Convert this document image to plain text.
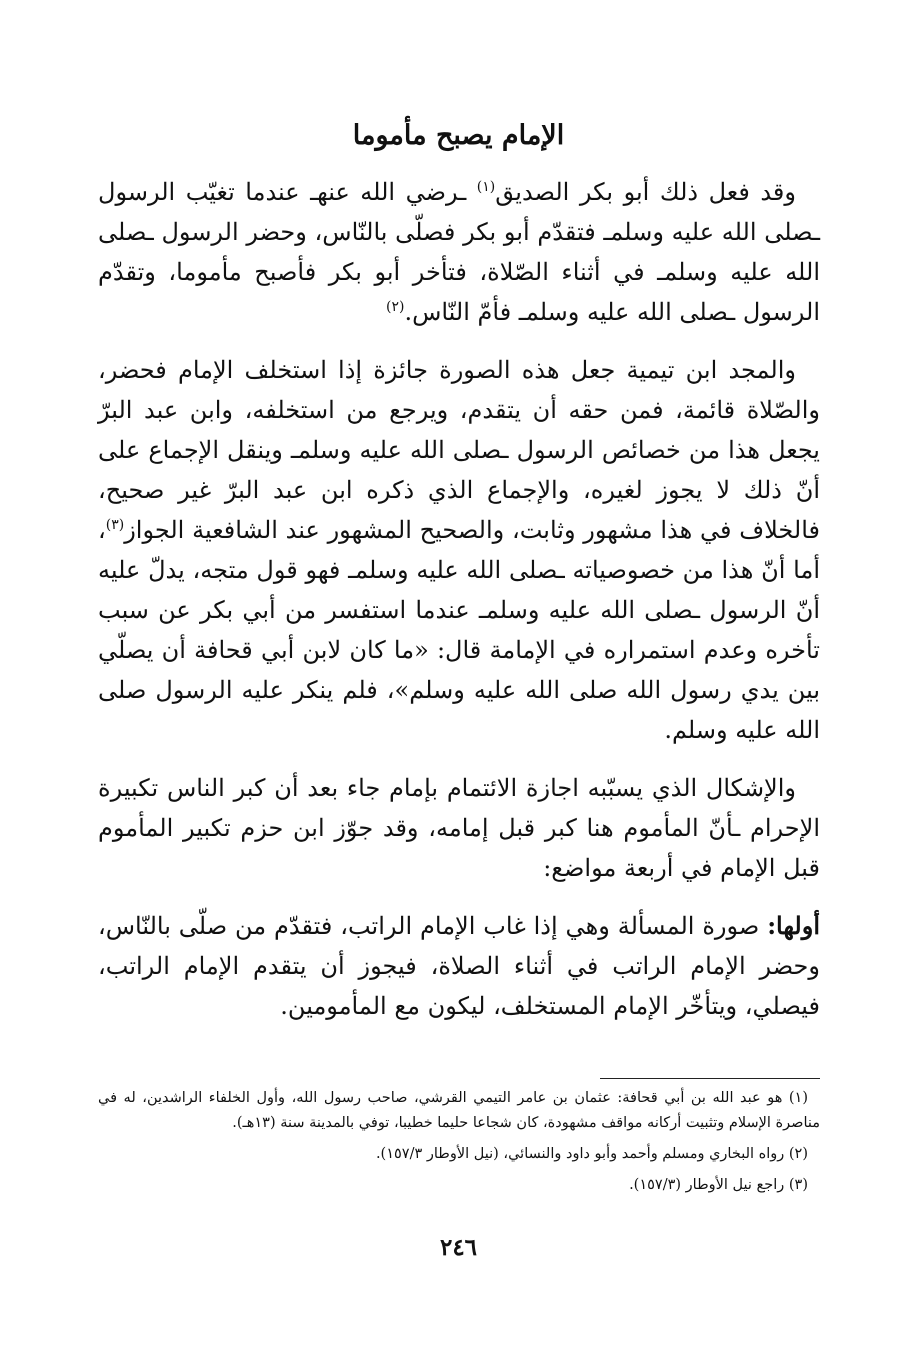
الإمام يصبح مأموما

وقد فعل ذلك أبو بكر الصديق$^{(١)}$ ـرضي الله عنهـ عندما تغيّب الرسول ـصلى الله عليه وسلمـ فتقدّم أبو بكر فصلّى بالنّاس، وحضر الرسول ـصلى الله عليه وسلمـ في أثناء الصّلاة، فتأخر أبو بكر فأصبح مأموما، وتقدّم الرسول ـصلى الله عليه وسلمـ فأمّ النّاس.$^{(٢)}$

والمجد ابن تيمية جعل هذه الصورة جائزة إذا استخلف الإمام فحضر، والصّلاة قائمة، فمن حقه أن يتقدم، ويرجع من استخلفه، وابن عبد البرّ يجعل هذا من خصائص الرسول ـصلى الله عليه وسلمـ وينقل الإجماع على أنّ ذلك لا يجوز لغيره، والإجماع الذي ذكره ابن عبد البرّ غير صحيح، فالخلاف في هذا مشهور وثابت، والصحيح المشهور عند الشافعية الجواز$^{(٣)}$، أما أنّ هذا من خصوصياته ـصلى الله عليه وسلمـ فهو قول متجه، يدلّ عليه أنّ الرسول ـصلى الله عليه وسلمـ عندما استفسر من أبي بكر عن سبب تأخره وعدم استمراره في الإمامة قال: «ما كان لابن أبي قحافة أن يصلّي بين يدي رسول الله صلى الله عليه وسلم»، فلم ينكر عليه الرسول صلى الله عليه وسلم.

والإشكال الذي يسبّبه اجازة الائتمام بإمام جاء بعد أن كبر الناس تكبيرة الإحرام ـأنّ المأموم هنا كبر قبل إمامه، وقد جوّز ابن حزم تكبير المأموم قبل الإمام في أربعة مواضع:

أولها: صورة المسألة وهي إذا غاب الإمام الراتب، فتقدّم من صلّى بالنّاس، وحضر الإمام الراتب في أثناء الصلاة، فيجوز أن يتقدم الإمام الراتب، فيصلي، ويتأخّر الإمام المستخلف، ليكون مع المأمومين.

(١) هو عبد الله بن أبي قحافة: عثمان بن عامر التيمي القرشي، صاحب رسول الله، وأول الخلفاء الراشدين، له في مناصرة الإسلام وتثبيت أركانه مواقف مشهودة، كان شجاعا حليما خطيبا، توفي بالمدينة سنة (١٣هـ).

(٢) رواه البخاري ومسلم وأحمد وأبو داود والنسائي، (نيل الأوطار ١٥٧/٣).

(٣) راجع نيل الأوطار (١٥٧/٣).

٢٤٦
